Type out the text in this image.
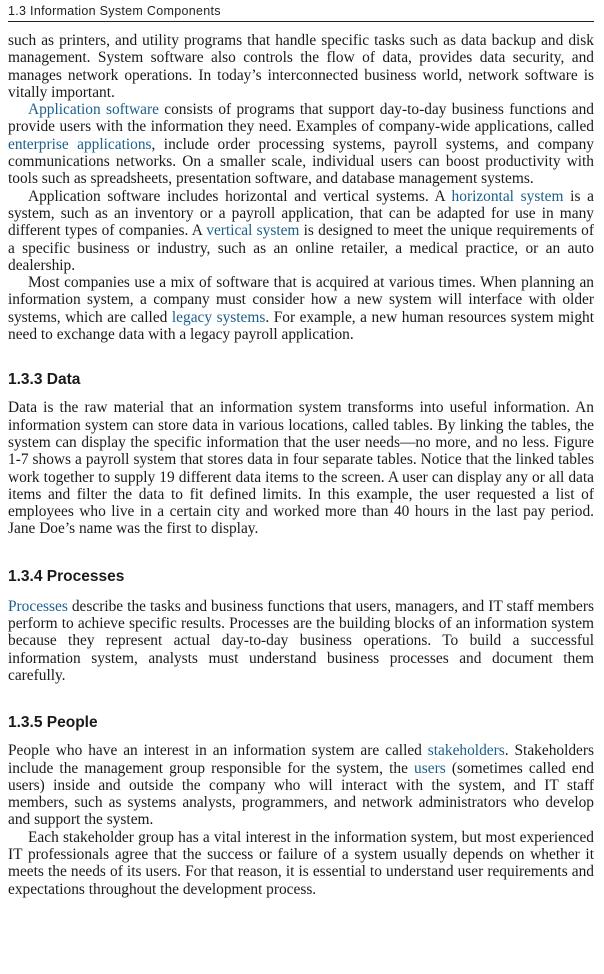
1.3 Information System Components

such as printers, and utility programs that handle specific tasks such as data backup and disk management. System software also controls the flow of data, provides data security, and manages network operations. In today’s interconnected business world, network software is vitally important.

Application software consists of programs that support day-to-day business functions and provide users with the information they need. Examples of company-wide applications, called enterprise applications, include order processing systems, payroll systems, and company communications networks. On a smaller scale, individual users can boost productivity with tools such as spreadsheets, presentation software, and database management systems.

Application software includes horizontal and vertical systems. A horizontal system is a system, such as an inventory or a payroll application, that can be adapted for use in many different types of companies. A vertical system is designed to meet the unique requirements of a specific business or industry, such as an online retailer, a medical practice, or an auto dealership.

Most companies use a mix of software that is acquired at various times. When planning an information system, a company must consider how a new system will interface with older systems, which are called legacy systems. For example, a new human resources system might need to exchange data with a legacy payroll application.

1.3.3 Data

Data is the raw material that an information system transforms into useful information. An information system can store data in various locations, called tables. By linking the tables, the system can display the specific information that the user needs—no more, and no less. Figure 1-7 shows a payroll system that stores data in four separate tables. Notice that the linked tables work together to supply 19 different data items to the screen. A user can display any or all data items and filter the data to fit defined limits. In this example, the user requested a list of employees who live in a certain city and worked more than 40 hours in the last pay period. Jane Doe’s name was the first to display.

1.3.4 Processes

Processes describe the tasks and business functions that users, managers, and IT staff members perform to achieve specific results. Processes are the building blocks of an information system because they represent actual day-to-day business operations. To build a successful information system, analysts must understand business processes and document them carefully.

1.3.5 People

People who have an interest in an information system are called stakeholders. Stakeholders include the management group responsible for the system, the users (sometimes called end users) inside and outside the company who will interact with the system, and IT staff members, such as systems analysts, programmers, and network administrators who develop and support the system.

Each stakeholder group has a vital interest in the information system, but most experienced IT professionals agree that the success or failure of a system usually depends on whether it meets the needs of its users. For that reason, it is essential to understand user requirements and expectations throughout the development process.
